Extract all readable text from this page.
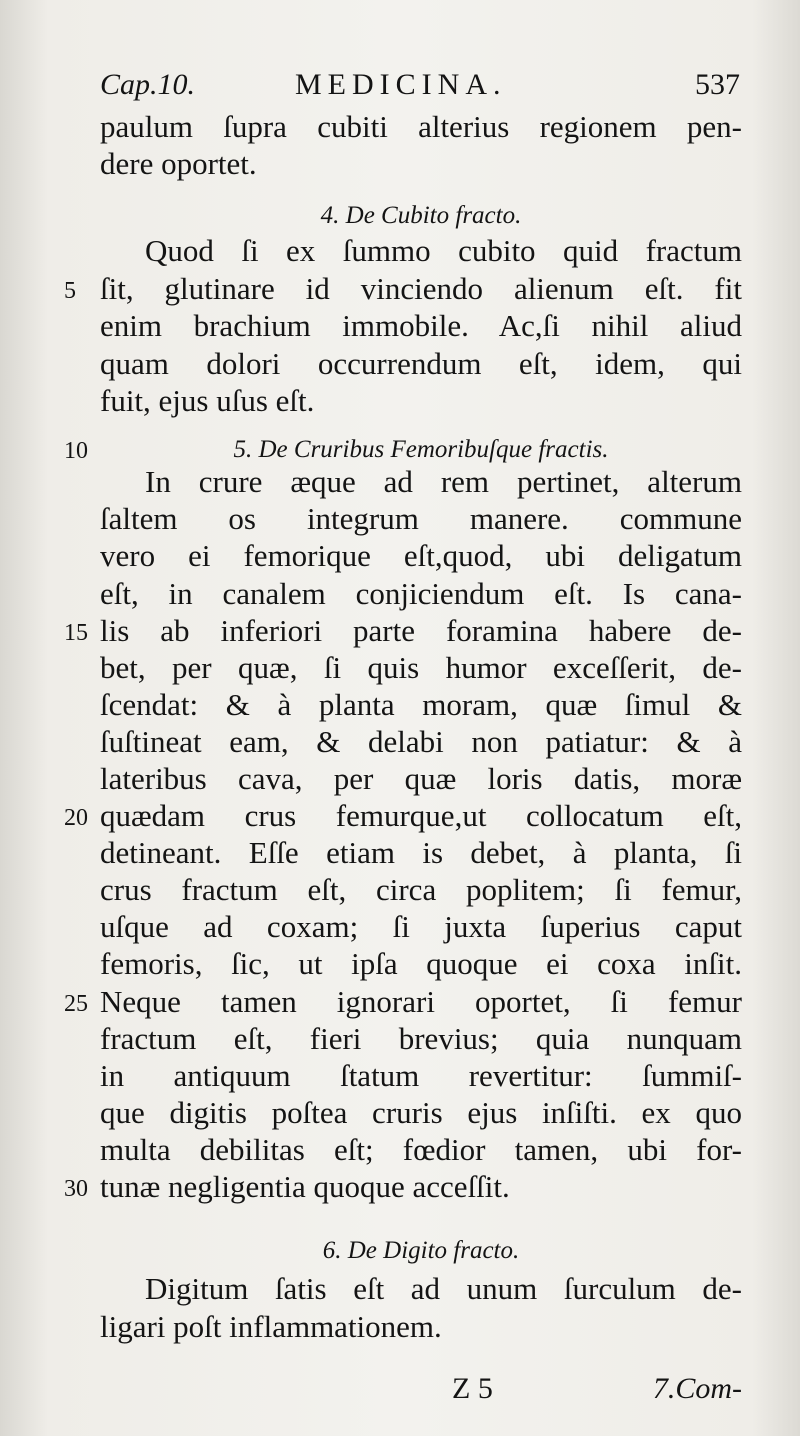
Cap.10.	MEDICINA.	537
paulum ſupra cubiti alterius regionem pen-
dere oportet.
4. De Cubito fracto.
Quod ſi ex ſummo cubito quid fractum
ſit, glutinare id vinciendo alienum eſt. fit
5
enim brachium immobile. Ac,ſi nihil aliud
quam dolori occurrendum eſt, idem, qui
fuit, ejus uſus eſt.
5. De Cruribus Femoribuſque fractis.
10
In crure æque ad rem pertinet, alterum
ſaltem os integrum manere. commune
vero ei femorique eſt,quod, ubi deligatum
eſt, in canalem conjiciendum eſt. Is cana-
lis ab inferiori parte foramina habere de-
15
bet, per quæ, ſi quis humor exceſſerit, de-
ſcendat: & à planta moram, quæ ſimul &
ſuſtineat eam, & delabi non patiatur: & à
lateribus cava, per quæ loris datis, moræ
quædam crus femurque,ut collocatum eſt,
20
detineant. Eſſe etiam is debet, à planta, ſi
crus fractum eſt, circa poplitem; ſi femur,
uſque ad coxam; ſi juxta ſuperius caput
femoris, ſic, ut ipſa quoque ei coxa inſit.
Neque tamen ignorari oportet, ſi femur
25
fractum eſt, fieri brevius; quia nunquam
in antiquum ſtatum revertitur: ſummiſ-
que digitis poſtea cruris ejus inſiſti. ex quo
multa debilitas eſt; fœdior tamen, ubi for-
tunæ negligentia quoque acceſſit.
30
6. De Digito fracto.
Digitum ſatis eſt ad unum ſurculum de-
ligari poſt inflammationem.
Z 5	7.Com-
